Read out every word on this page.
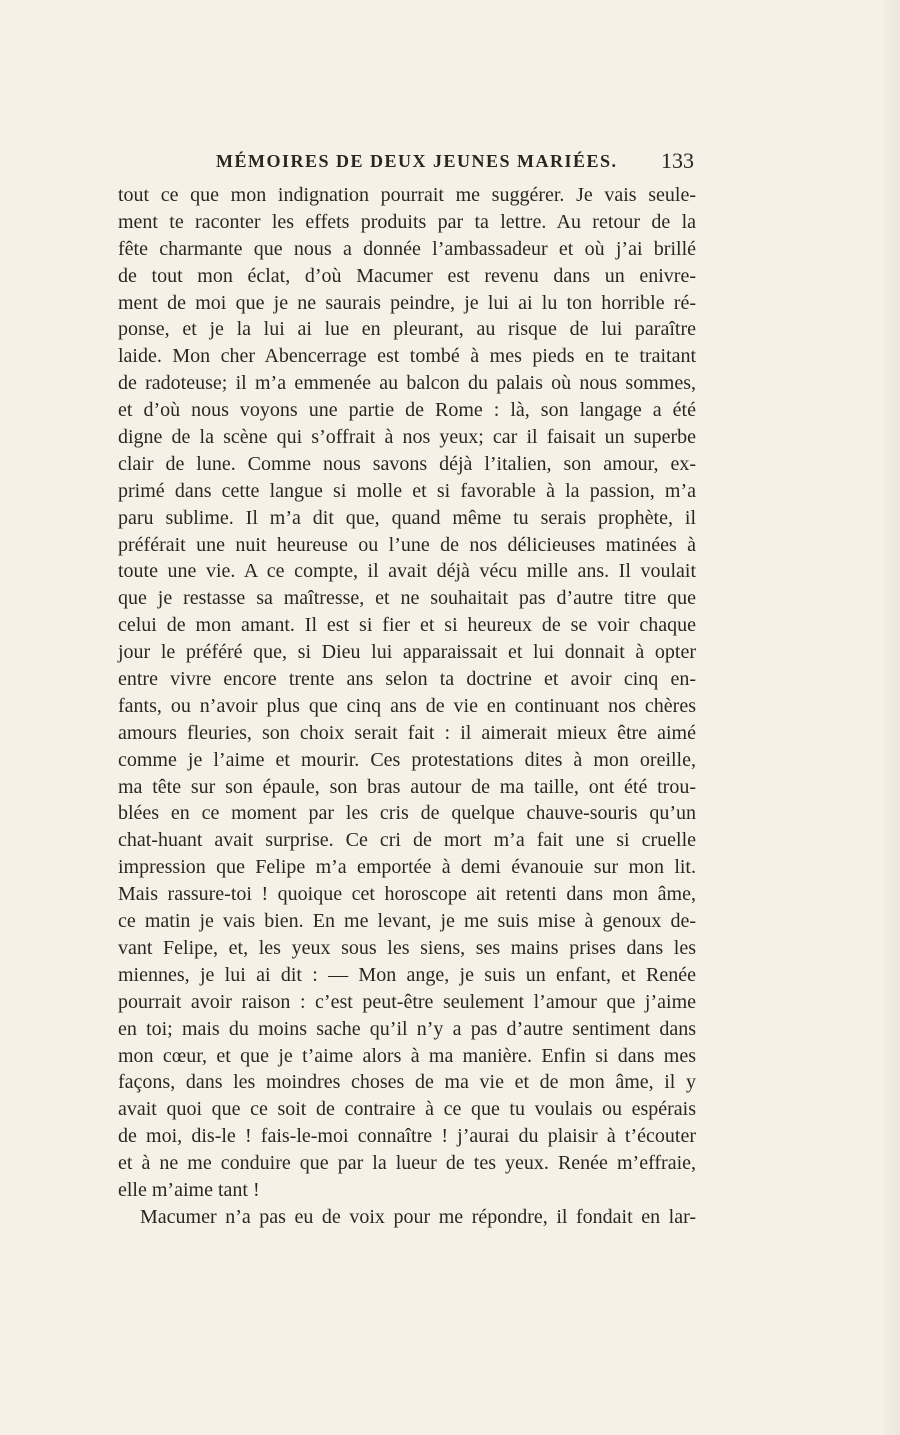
MÉMOIRES DE DEUX JEUNES MARIÉES. 133
tout ce que mon indignation pourrait me suggérer. Je vais seule-
ment te raconter les effets produits par ta lettre. Au retour de la
fête charmante que nous a donnée l’ambassadeur et où j’ai brillé
de tout mon éclat, d’où Macumer est revenu dans un enivre-
ment de moi que je ne saurais peindre, je lui ai lu ton horrible ré-
ponse, et je la lui ai lue en pleurant, au risque de lui paraître
laide. Mon cher Abencerrage est tombé à mes pieds en te traitant
de radoteuse; il m’a emmenée au balcon du palais où nous sommes,
et d’où nous voyons une partie de Rome : là, son langage a été
digne de la scène qui s’offrait à nos yeux; car il faisait un superbe
clair de lune. Comme nous savons déjà l’italien, son amour, ex-
primé dans cette langue si molle et si favorable à la passion, m’a
paru sublime. Il m’a dit que, quand même tu serais prophète, il
préférait une nuit heureuse ou l’une de nos délicieuses matinées à
toute une vie. A ce compte, il avait déjà vécu mille ans. Il voulait
que je restasse sa maîtresse, et ne souhaitait pas d’autre titre que
celui de mon amant. Il est si fier et si heureux de se voir chaque
jour le préféré que, si Dieu lui apparaissait et lui donnait à opter
entre vivre encore trente ans selon ta doctrine et avoir cinq en-
fants, ou n’avoir plus que cinq ans de vie en continuant nos chères
amours fleuries, son choix serait fait : il aimerait mieux être aimé
comme je l’aime et mourir. Ces protestations dites à mon oreille,
ma tête sur son épaule, son bras autour de ma taille, ont été trou-
blées en ce moment par les cris de quelque chauve-souris qu’un
chat-huant avait surprise. Ce cri de mort m’a fait une si cruelle
impression que Felipe m’a emportée à demi évanouie sur mon lit.
Mais rassure-toi ! quoique cet horoscope ait retenti dans mon âme,
ce matin je vais bien. En me levant, je me suis mise à genoux de-
vant Felipe, et, les yeux sous les siens, ses mains prises dans les
miennes, je lui ai dit : — Mon ange, je suis un enfant, et Renée
pourrait avoir raison : c’est peut-être seulement l’amour que j’aime
en toi; mais du moins sache qu’il n’y a pas d’autre sentiment dans
mon cœur, et que je t’aime alors à ma manière. Enfin si dans mes
façons, dans les moindres choses de ma vie et de mon âme, il y
avait quoi que ce soit de contraire à ce que tu voulais ou espérais
de moi, dis-le ! fais-le-moi connaître ! j’aurai du plaisir à t’écouter
et à ne me conduire que par la lueur de tes yeux. Renée m’effraie,
elle m’aime tant !
Macumer n’a pas eu de voix pour me répondre, il fondait en lar-
